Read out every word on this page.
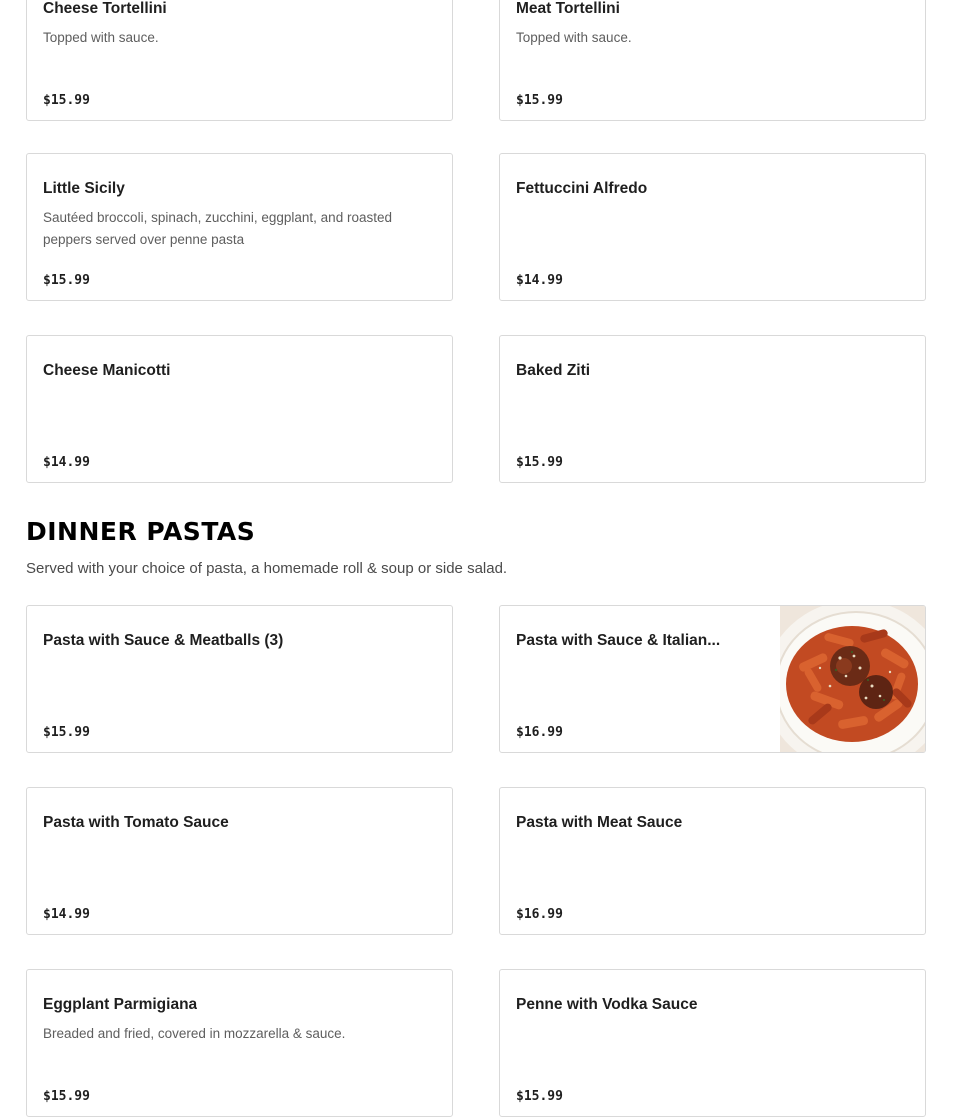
Cheese Tortellini
Topped with sauce.
$15.99
Meat Tortellini
Topped with sauce.
$15.99
Little Sicily
Sautéed broccoli, spinach, zucchini, eggplant, and roasted peppers served over penne pasta
$15.99
Fettuccini Alfredo
$14.99
Cheese Manicotti
$14.99
Baked Ziti
$15.99
DINNER PASTAS
Served with your choice of pasta, a homemade roll & soup or side salad.
Pasta with Sauce & Meatballs (3)
$15.99
Pasta with Sauce & Italian...
$16.99
Pasta with Tomato Sauce
$14.99
Pasta with Meat Sauce
$16.99
Eggplant Parmigiana
Breaded and fried, covered in mozzarella & sauce.
$15.99
Penne with Vodka Sauce
$15.99
